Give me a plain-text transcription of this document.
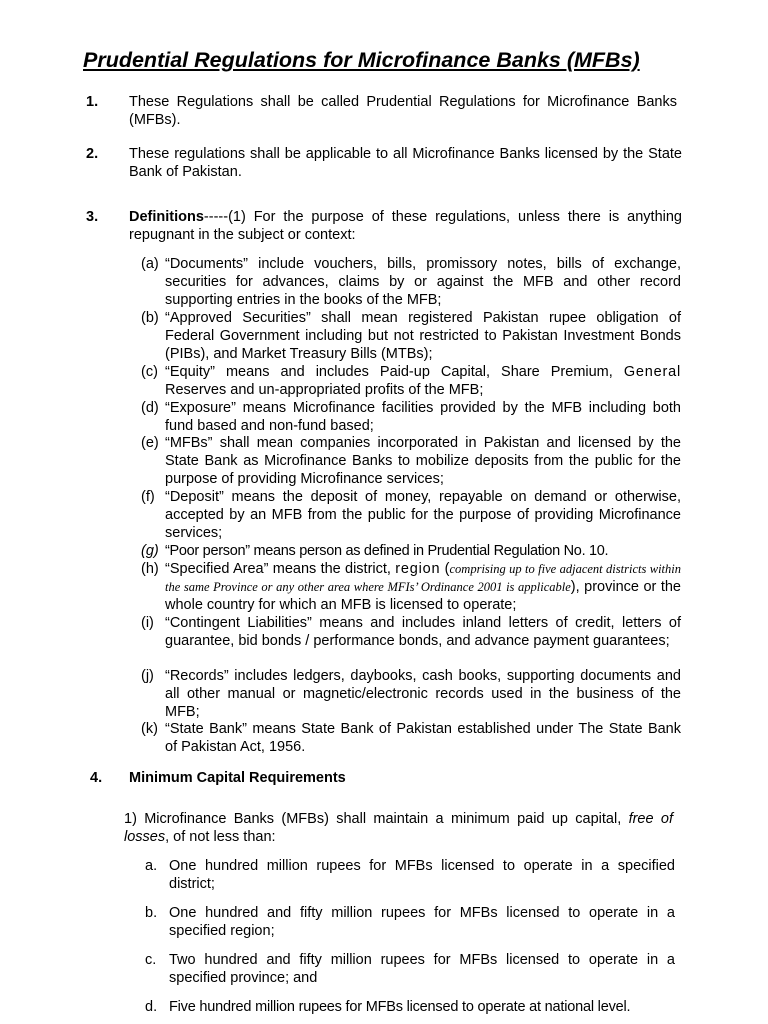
Prudential Regulations for Microfinance Banks (MFBs)
1. These Regulations shall be called Prudential Regulations for Microfinance Banks (MFBs).
2. These regulations shall be applicable to all Microfinance Banks licensed by the State Bank of Pakistan.
3. Definitions-----(1) For the purpose of these regulations, unless there is anything repugnant in the subject or context:
(a) “Documents” include vouchers, bills, promissory notes, bills of exchange, securities for advances, claims by or against the MFB and other record supporting entries in the books of the MFB;
(b) “Approved Securities” shall mean registered Pakistan rupee obligation of Federal Government including but not restricted to Pakistan Investment Bonds (PIBs), and Market Treasury Bills (MTBs);
(c) “Equity” means and includes Paid-up Capital, Share Premium, General Reserves and un-appropriated profits of the MFB;
(d) “Exposure” means Microfinance facilities provided by the MFB including both fund based and non-fund based;
(e) “MFBs” shall mean companies incorporated in Pakistan and licensed by the State Bank as Microfinance Banks to mobilize deposits from the public for the purpose of providing Microfinance services;
(f) “Deposit” means the deposit of money, repayable on demand or otherwise, accepted by an MFB from the public for the purpose of providing Microfinance services;
(g) “Poor person” means person as defined in Prudential Regulation No. 10.
(h) “Specified Area” means the district, region (comprising up to five adjacent districts within the same Province or any other area where MFIs’ Ordinance 2001 is applicable), province or the whole country for which an MFB is licensed to operate;
(i) “Contingent Liabilities” means and includes inland letters of credit, letters of guarantee, bid bonds / performance bonds, and advance payment guarantees;
(j) “Records” includes ledgers, daybooks, cash books, supporting documents and all other manual or magnetic/electronic records used in the business of the MFB;
(k) “State Bank” means State Bank of Pakistan established under The State Bank of Pakistan Act, 1956.
4. Minimum Capital Requirements
1) Microfinance Banks (MFBs) shall maintain a minimum paid up capital, free of losses, of not less than:
a. One hundred million rupees for MFBs licensed to operate in a specified district;
b. One hundred and fifty million rupees for MFBs licensed to operate in a specified region;
c. Two hundred and fifty million rupees for MFBs licensed to operate in a specified province; and
d. Five hundred million rupees for MFBs licensed to operate at national level.
